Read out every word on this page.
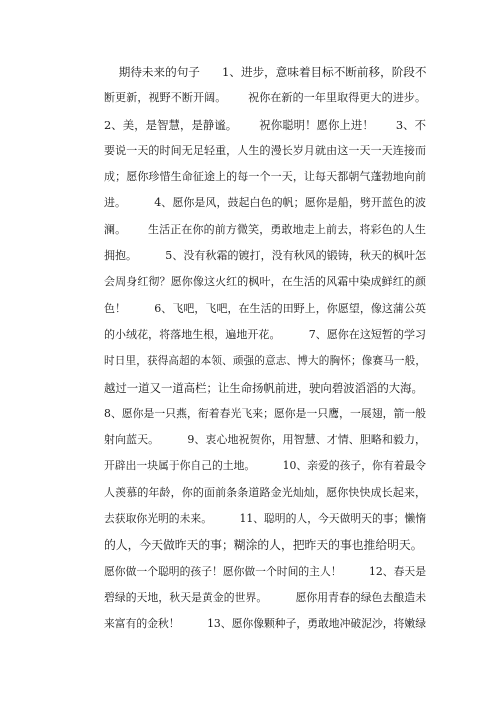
期待未来的句子      1、进步，意味着目标不断前移，阶段不
断更新，视野不断开阔。      祝你在新的一年里取得更大的进步。
2、美，是智慧，是静谧。      祝你聪明！愿你上进！      3、不
要说一天的时间无足轻重，人生的漫长岁月就由这一天一天连接而
成；愿你珍惜生命征途上的每一个一天，让每天都朝气蓬勃地向前
进。        4、愿你是风，鼓起白色的帆；愿你是船，劈开蓝色的波
澜。      生活正在你的前方微笑，勇敢地走上前去，将彩色的人生
拥抱。        5、没有秋霜的镀打，没有秋风的锻铸，秋天的枫叶怎
会周身红彻？愿你像这火红的枫叶，在生活的风霜中染成鲜红的颜
色！        6、飞吧，飞吧，在生活的田野上，你愿望，像这蒲公英
的小绒花，将落地生根，遍地开花。        7、愿你在这短暂的学习
时日里，获得高超的本领、顽强的意志、博大的胸怀；像赛马一般，
越过一道又一道高栏；让生命扬帆前进，驶向碧波滔滔的大海。
8、愿你是一只燕，衔着春光飞来；愿你是一只鹰，一展翅，箭一般
射向蓝天。        9、衷心地祝贺你，用智慧、才情、胆略和毅力，
开辟出一块属于你自己的土地。        10、亲爱的孩子，你有着最令
人羡慕的年龄，你的面前条条道路金光灿灿，愿你快快成长起来，
去获取你光明的未来。        11、聪明的人，今天做明天的事；懒惰
的人，今天做昨天的事；糊涂的人，把昨天的事也推给明天。
愿你做一个聪明的孩子！愿你做一个时间的主人！        12、春天是
碧绿的天地，秋天是黄金的世界。        愿你用青春的绿色去酿造未
来富有的金秋！        13、愿你像颗种子，勇敢地冲破泥沙，将嫩绿
